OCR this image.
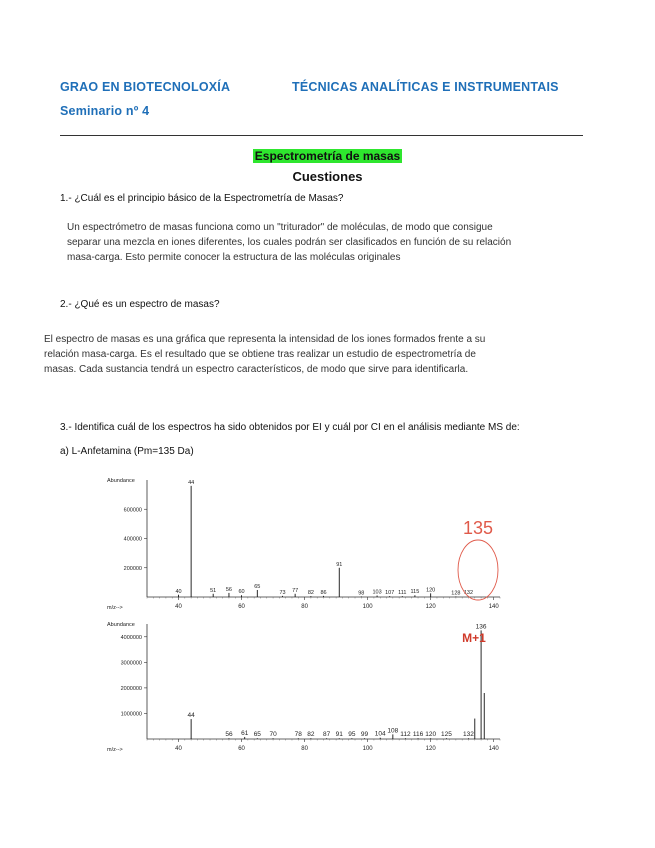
GRAO EN BIOTECNOLOXÍA	TÉCNICAS ANALÍTICAS E INSTRUMENTAIS
Seminario nº 4
Espectrometría de masas
Cuestiones
1.- ¿Cuál es el principio básico de la Espectrometría de Masas?
Un espectrómetro de masas funciona como un "triturador" de moléculas, de modo que consigue
separar una mezcla en iones diferentes, los cuales podrán ser clasificados en función de su relación
masa-carga. Esto permite conocer la estructura de las moléculas originales
2.- ¿Qué es un espectro de masas?
El espectro de masas es una gráfica que representa la intensidad de los iones formados frente a su
relación masa-carga. Es el resultado que se obtiene tras realizar un estudio de espectrometría de
masas. Cada sustancia tendrá un espectro característicos, de modo que sirve para identificarla.
3.- Identifica cuál de los espectros ha sido obtenidos por EI y cuál por CI en el análisis mediante MS de:
a) L-Anfetamina (Pm=135 Da)
Abundance
m/z-->
200000
400000
600000
40	60	80	100	120	140
40
44
51 56 60
65
73 77 82 86
91
98 103 107 111 115 120
128 132
135
Abundance
m/z-->
1000000
2000000
3000000
4000000
40	60	80	100	120	140
44
56 61 65 70	78 82 87 91 95 99 104 108
112 116 120 125 132
136
M+1
